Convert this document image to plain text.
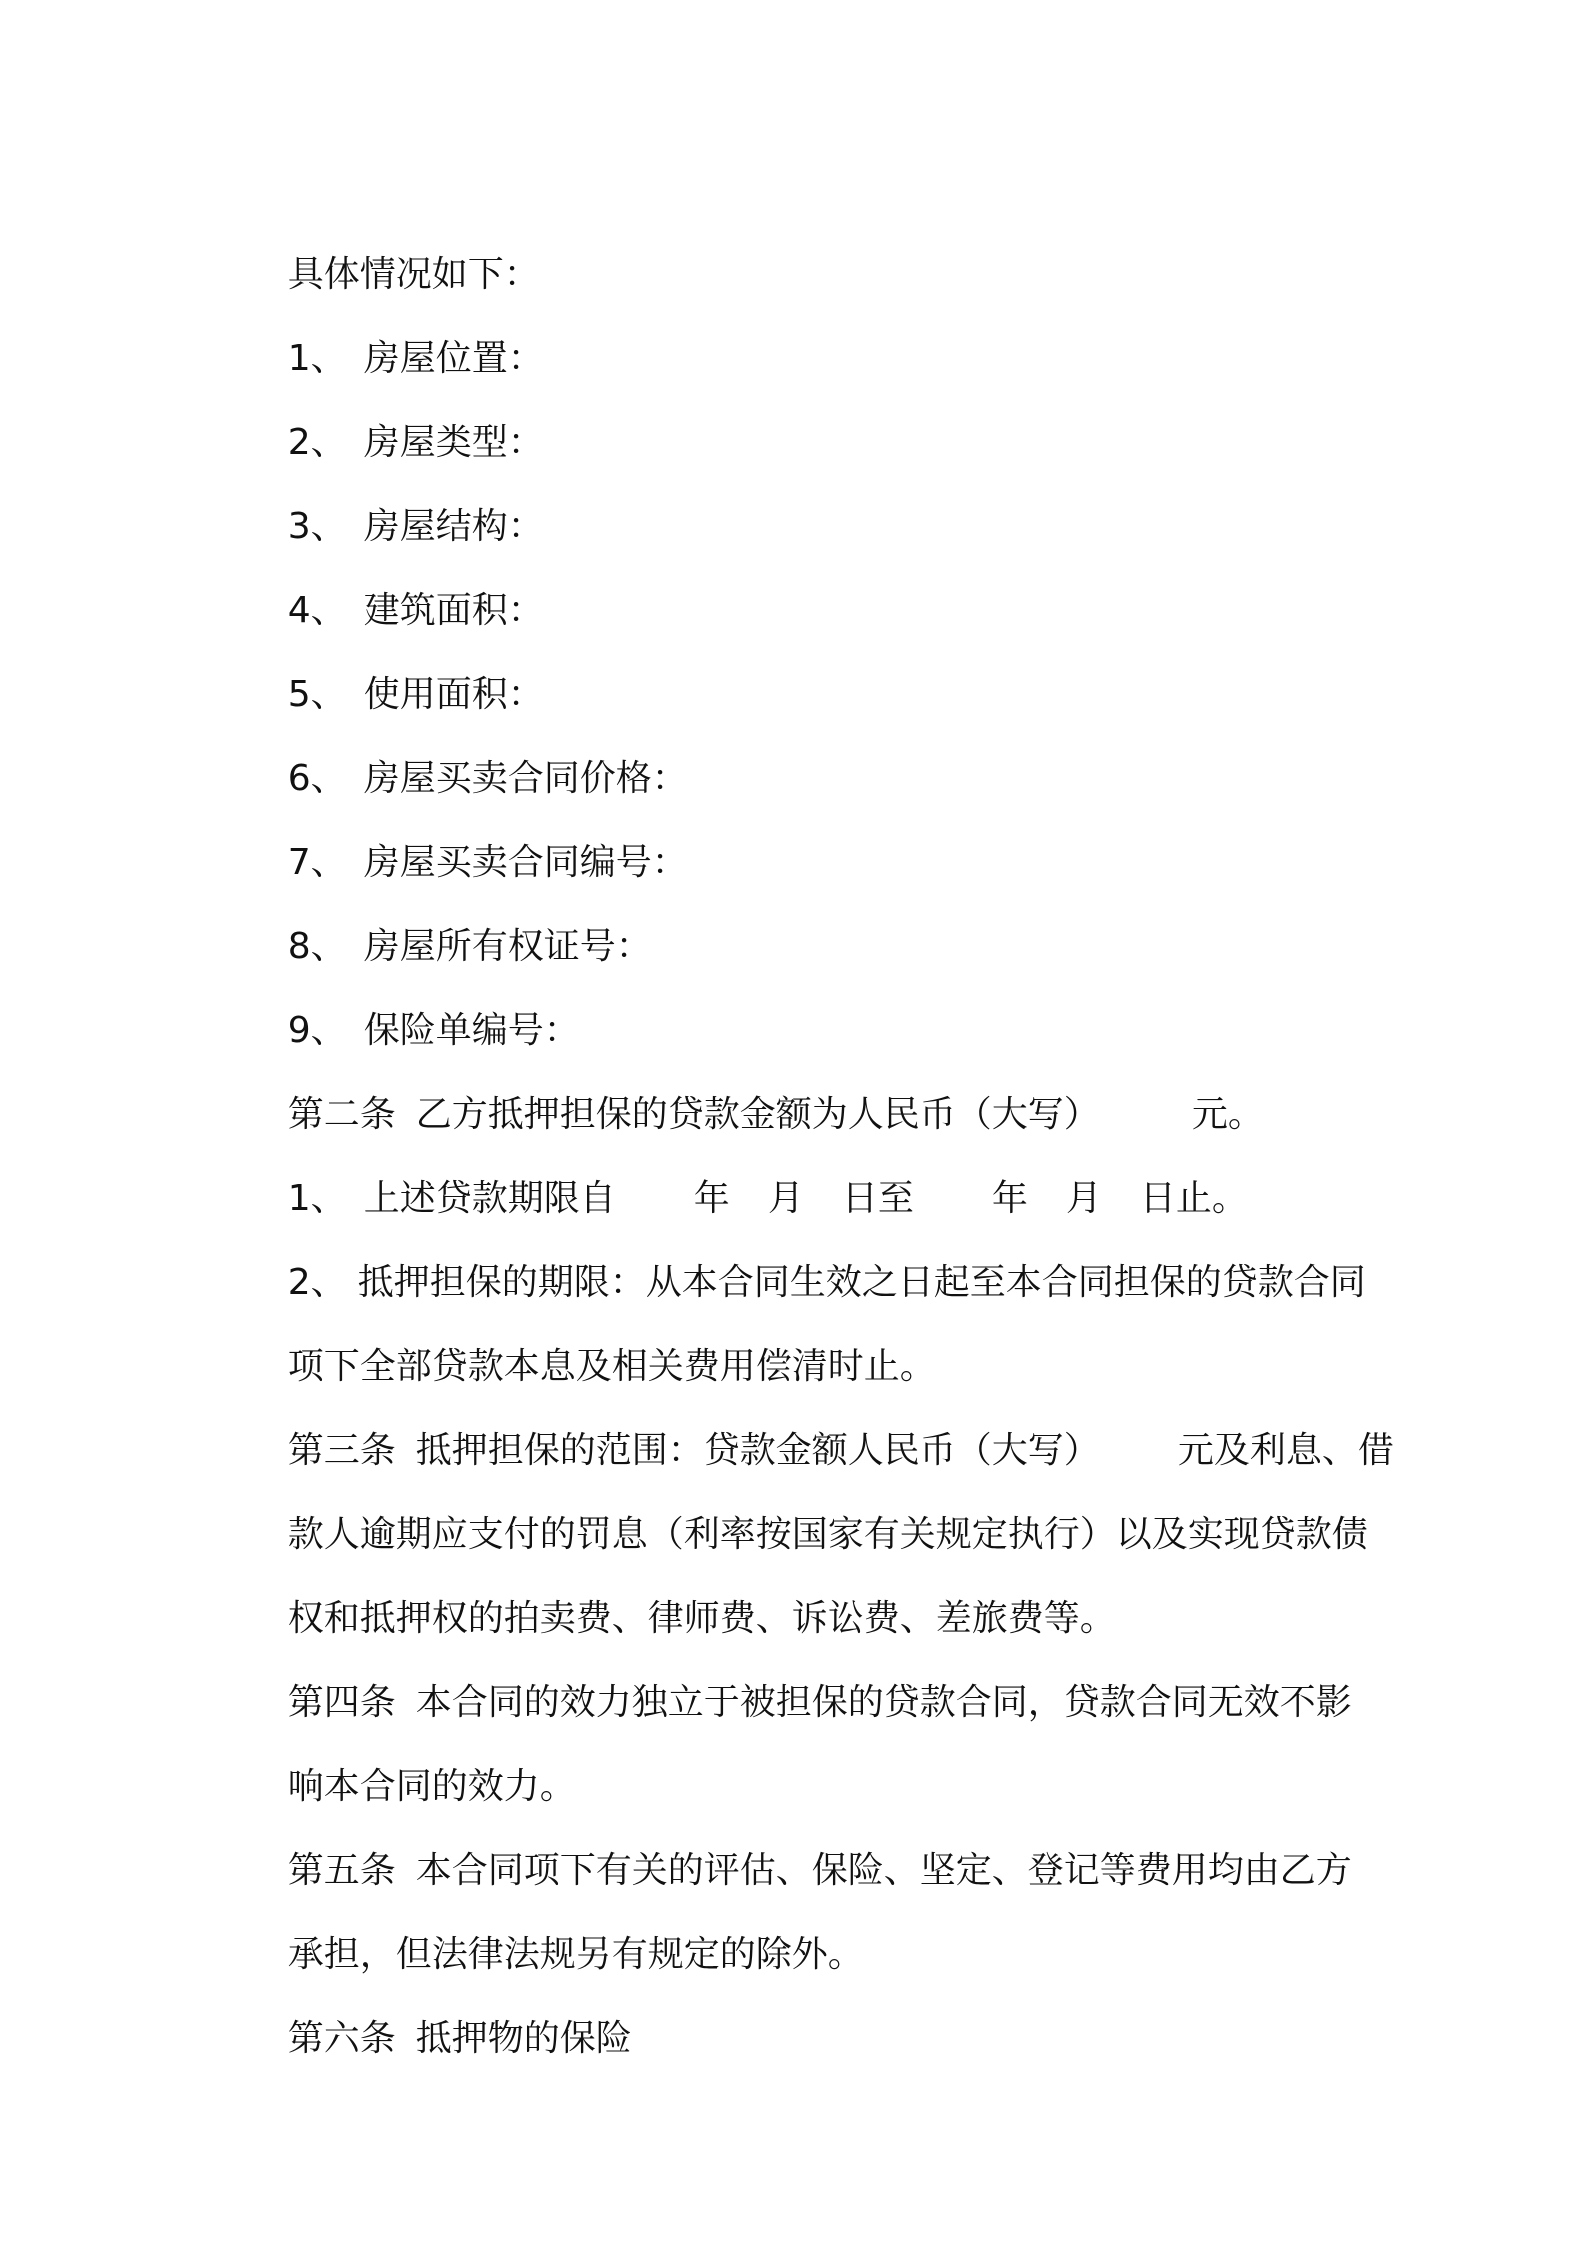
具体情况如下：

1、 房屋位置：

2、 房屋类型：

3、 房屋结构：

4、 建筑面积：

5、 使用面积：

6、 房屋买卖合同价格：

7、 房屋买卖合同编号：

8、 房屋所有权证号：

9、 保险单编号：

第二条 乙方抵押担保的贷款金额为人民币（大写）	元。

1、 上述贷款期限自 年 月 日至 年 月 日止。

2、 抵押担保的期限：从本合同生效之日起至本合同担保的贷款合同

项下全部贷款本息及相关费用偿清时止。

第三条 抵押担保的范围：贷款金额人民币（大写） 元及利息、借

款人逾期应支付的罚息（利率按国家有关规定执行）以及实现贷款债

权和抵押权的拍卖费、律师费、诉讼费、差旅费等。

第四条 本合同的效力独立于被担保的贷款合同，贷款合同无效不影

响本合同的效力。

第五条 本合同项下有关的评估、保险、坚定、登记等费用均由乙方

承担，但法律法规另有规定的除外。

第六条 抵押物的保险
